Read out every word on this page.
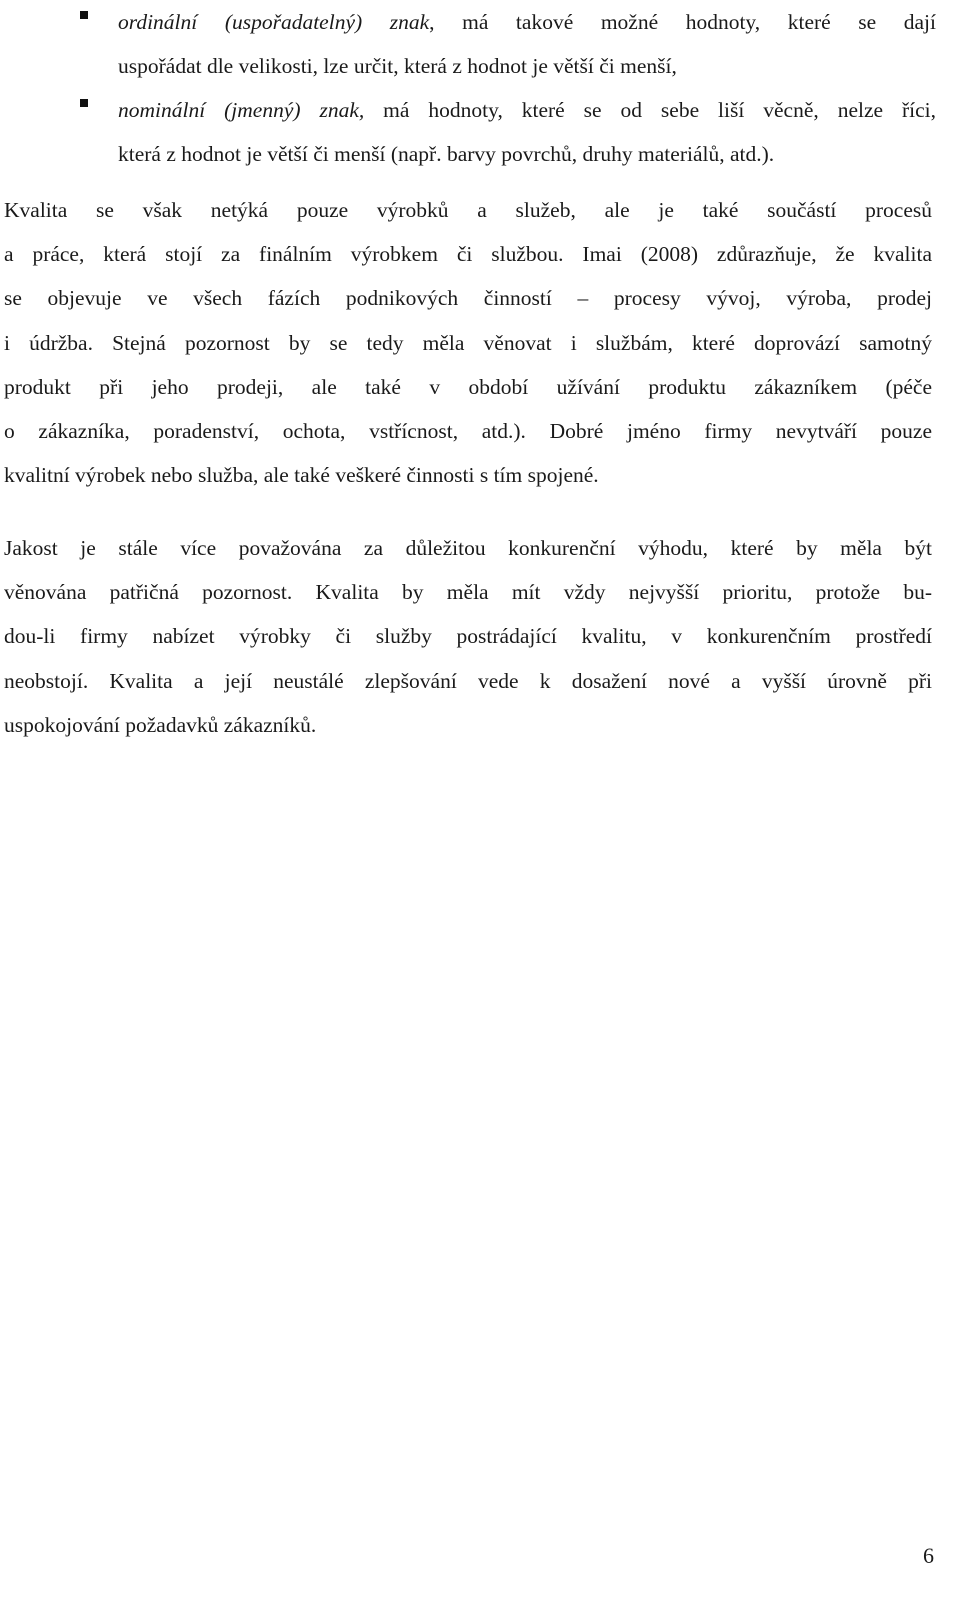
ordinální (uspořadatelný) znak, má takové možné hodnoty, které se dají
uspořádat dle velikosti, lze určit, která z hodnot je větší či menší,
nominální (jmenný) znak, má hodnoty, které se od sebe liší věcně, nelze říci,
která z hodnot je větší či menší (např. barvy povrchů, druhy materiálů, atd.).

Kvalita se však netýká pouze výrobků a služeb, ale je také součástí procesů
a práce, která stojí za finálním výrobkem či službou. Imai (2008) zdůrazňuje, že kvalita
se objevuje ve všech fázích podnikových činností – procesy vývoj, výroba, prodej
i údržba. Stejná pozornost by se tedy měla věnovat i službám, které doprovází samotný
produkt při jeho prodeji, ale také v období užívání produktu zákazníkem (péče
o zákazníka, poradenství, ochota, vstřícnost, atd.). Dobré jméno firmy nevytváří pouze
kvalitní výrobek nebo služba, ale také veškeré činnosti s tím spojené.

Jakost je stále více považována za důležitou konkurenční výhodu, které by měla být
věnována patřičná pozornost. Kvalita by měla mít vždy nejvyšší prioritu, protože bu-
dou-li firmy nabízet výrobky či služby postrádající kvalitu, v konkurenčním prostředí
neobstojí. Kvalita a její neustálé zlepšování vede k dosažení nové a vyšší úrovně při
uspokojování požadavků zákazníků.

6
